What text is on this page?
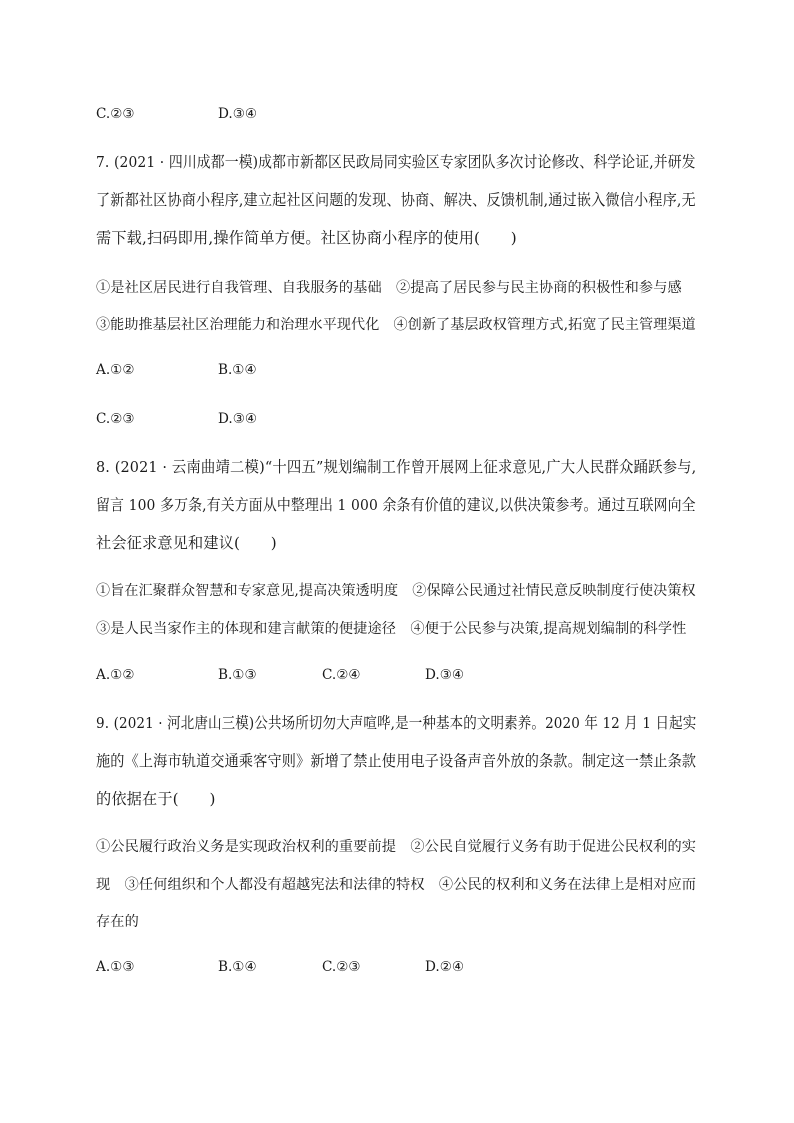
C.②③	D.③④
7. (2021 · 四川成都一模)成都市新都区民政局同实验区专家团队多次讨论修改、科学论证,并研发
了新都社区协商小程序,建立起社区问题的发现、协商、解决、反馈机制,通过嵌入微信小程序,无
需下载,扫码即用,操作简单方便。社区协商小程序的使用(　　)
①是社区居民进行自我管理、自我服务的基础　②提高了居民参与民主协商的积极性和参与感
③能助推基层社区治理能力和治理水平现代化　④创新了基层政权管理方式,拓宽了民主管理渠道
A.①②	B.①④
C.②③	D.③④
8. (2021 · 云南曲靖二模)“十四五”规划编制工作曾开展网上征求意见,广大人民群众踊跃参与,
留言 100 多万条,有关方面从中整理出 1 000 余条有价值的建议,以供决策参考。通过互联网向全
社会征求意见和建议(　　)
①旨在汇聚群众智慧和专家意见,提高决策透明度　②保障公民通过社情民意反映制度行使决策权
③是人民当家作主的体现和建言献策的便捷途径　④便于公民参与决策,提高规划编制的科学性
A.①②	B.①③	C.②④	D.③④
9. (2021 · 河北唐山三模)公共场所切勿大声喧哗,是一种基本的文明素养。2020 年 12 月 1 日起实
施的《上海市轨道交通乘客守则》新增了禁止使用电子设备声音外放的条款。制定这一禁止条款
的依据在于(　　)
①公民履行政治义务是实现政治权利的重要前提　②公民自觉履行义务有助于促进公民权利的实
现　③任何组织和个人都没有超越宪法和法律的特权　④公民的权利和义务在法律上是相对应而
存在的
A.①③	B.①④	C.②③	D.②④
